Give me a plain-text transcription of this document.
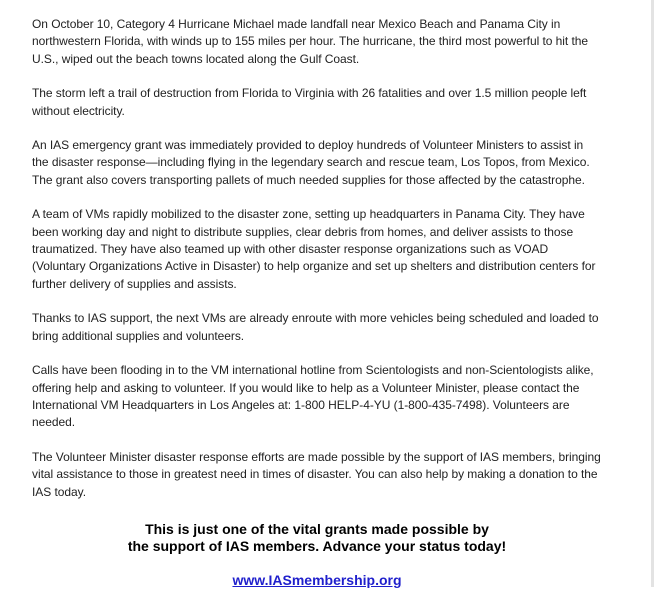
On October 10, Category 4 Hurricane Michael made landfall near Mexico Beach and Panama City in northwestern Florida, with winds up to 155 miles per hour. The hurricane, the third most powerful to hit the U.S., wiped out the beach towns located along the Gulf Coast.

The storm left a trail of destruction from Florida to Virginia with 26 fatalities and over 1.5 million people left without electricity.

An IAS emergency grant was immediately provided to deploy hundreds of Volunteer Ministers to assist in the disaster response—including flying in the legendary search and rescue team, Los Topos, from Mexico. The grant also covers transporting pallets of much needed supplies for those affected by the catastrophe.

A team of VMs rapidly mobilized to the disaster zone, setting up headquarters in Panama City. They have been working day and night to distribute supplies, clear debris from homes, and deliver assists to those traumatized. They have also teamed up with other disaster response organizations such as VOAD (Voluntary Organizations Active in Disaster) to help organize and set up shelters and distribution centers for further delivery of supplies and assists.

Thanks to IAS support, the next VMs are already enroute with more vehicles being scheduled and loaded to bring additional supplies and volunteers.

Calls have been flooding in to the VM international hotline from Scientologists and non-Scientologists alike, offering help and asking to volunteer. If you would like to help as a Volunteer Minister, please contact the International VM Headquarters in Los Angeles at: 1-800 HELP-4-YU (1-800-435-7498). Volunteers are needed.

The Volunteer Minister disaster response efforts are made possible by the support of IAS members, bringing vital assistance to those in greatest need in times of disaster. You can also help by making a donation to the IAS today.

This is just one of the vital grants made possible by
the support of IAS members. Advance your status today!
www.IASmembership.org
